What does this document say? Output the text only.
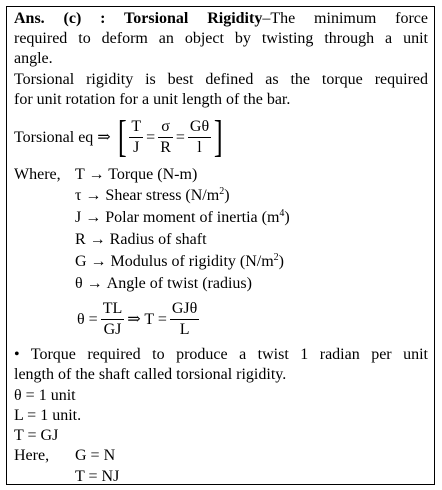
Ans. (c) : Torsional Rigidity–The minimum force
required to deform an object by twisting through a unit
angle.
Torsional rigidity is best defined as the torque required
for unit rotation for a unit length of the bar.
Torsional eq ⇒ [ $\frac{T}{J} = \frac{\sigma}{R} = \frac{G\theta}{l}$ ]
Where, T → Torque (N-m)
τ → Shear stress $(N/m^2)$
J → Polar moment of inertia $(m^4)$
R → Radius of shaft
G → Modulus of rigidity $(N/m^2)$
θ → Angle of twist (radius)
$\theta = \frac{TL}{GJ}$ ⇒ $T = \frac{\text{GJθ}}{L}$
• Torque required to produce a twist 1 radian per unit
length of the shaft called torsional rigidity.
θ = 1 unit
L = 1 unit.
T = GJ
Here, G = N
T = NJ
